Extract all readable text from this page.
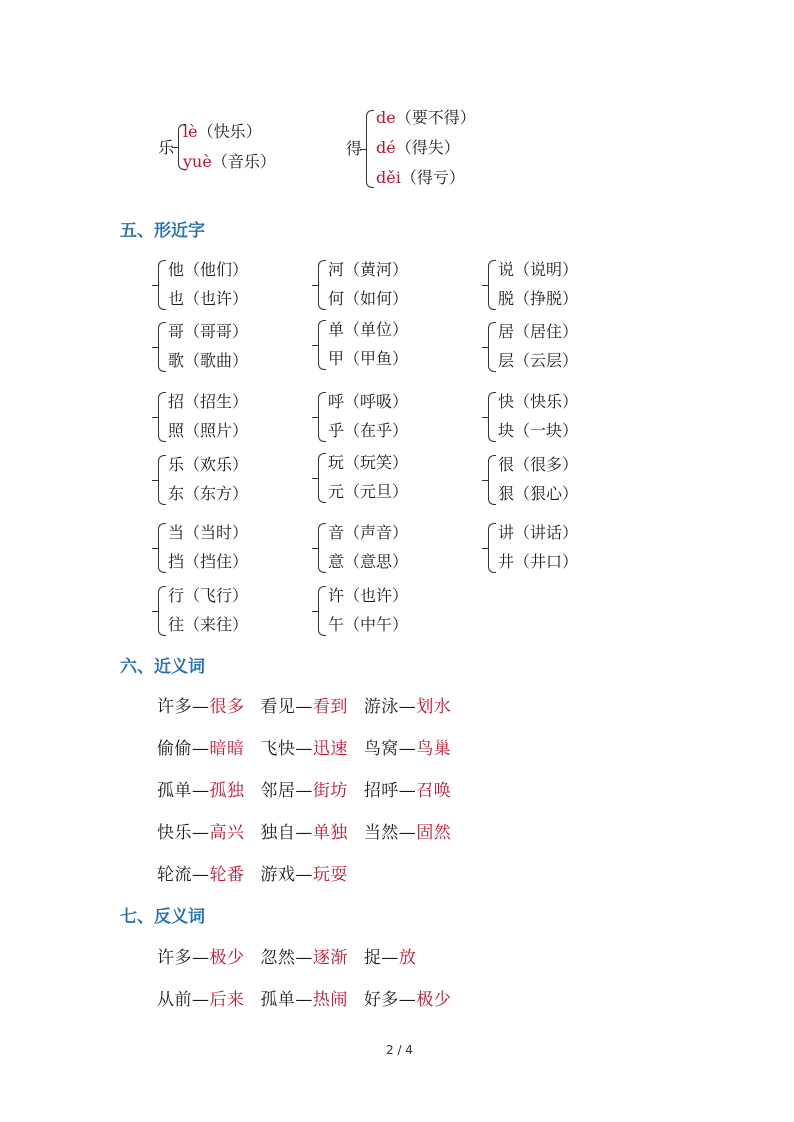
乐
lè（快乐）
yuè（音乐）
得
de（要不得）
dé（得失）
děi（得亏）
五、形近字
他（他们）
也（也许）
河（黄河）
何（如何）
说（说明）
脱（挣脱）
哥（哥哥）
歌（歌曲）
单（单位）
甲（甲鱼）
居（居住）
层（云层）
招（招生）
照（照片）
呼（呼吸）
乎（在乎）
快（快乐）
块（一块）
乐（欢乐）
东（东方）
玩（玩笑）
元（元旦）
很（很多）
狠（狠心）
当（当时）
挡（挡住）
音（声音）
意（意思）
讲（讲话）
井（井口）
行（飞行）
往（来往）
许（也许）
午（中午）
六、近义词
许多—很多 看见—看到 游泳—划水
偷偷—暗暗 飞快—迅速 鸟窝—鸟巢
孤单—孤独 邻居—街坊 招呼—召唤
快乐—高兴 独自—单独 当然—固然
轮流—轮番 游戏—玩耍
七、反义词
许多—极少 忽然—逐渐 捉—放
从前—后来 孤单—热闹 好多—极少
2 / 4
